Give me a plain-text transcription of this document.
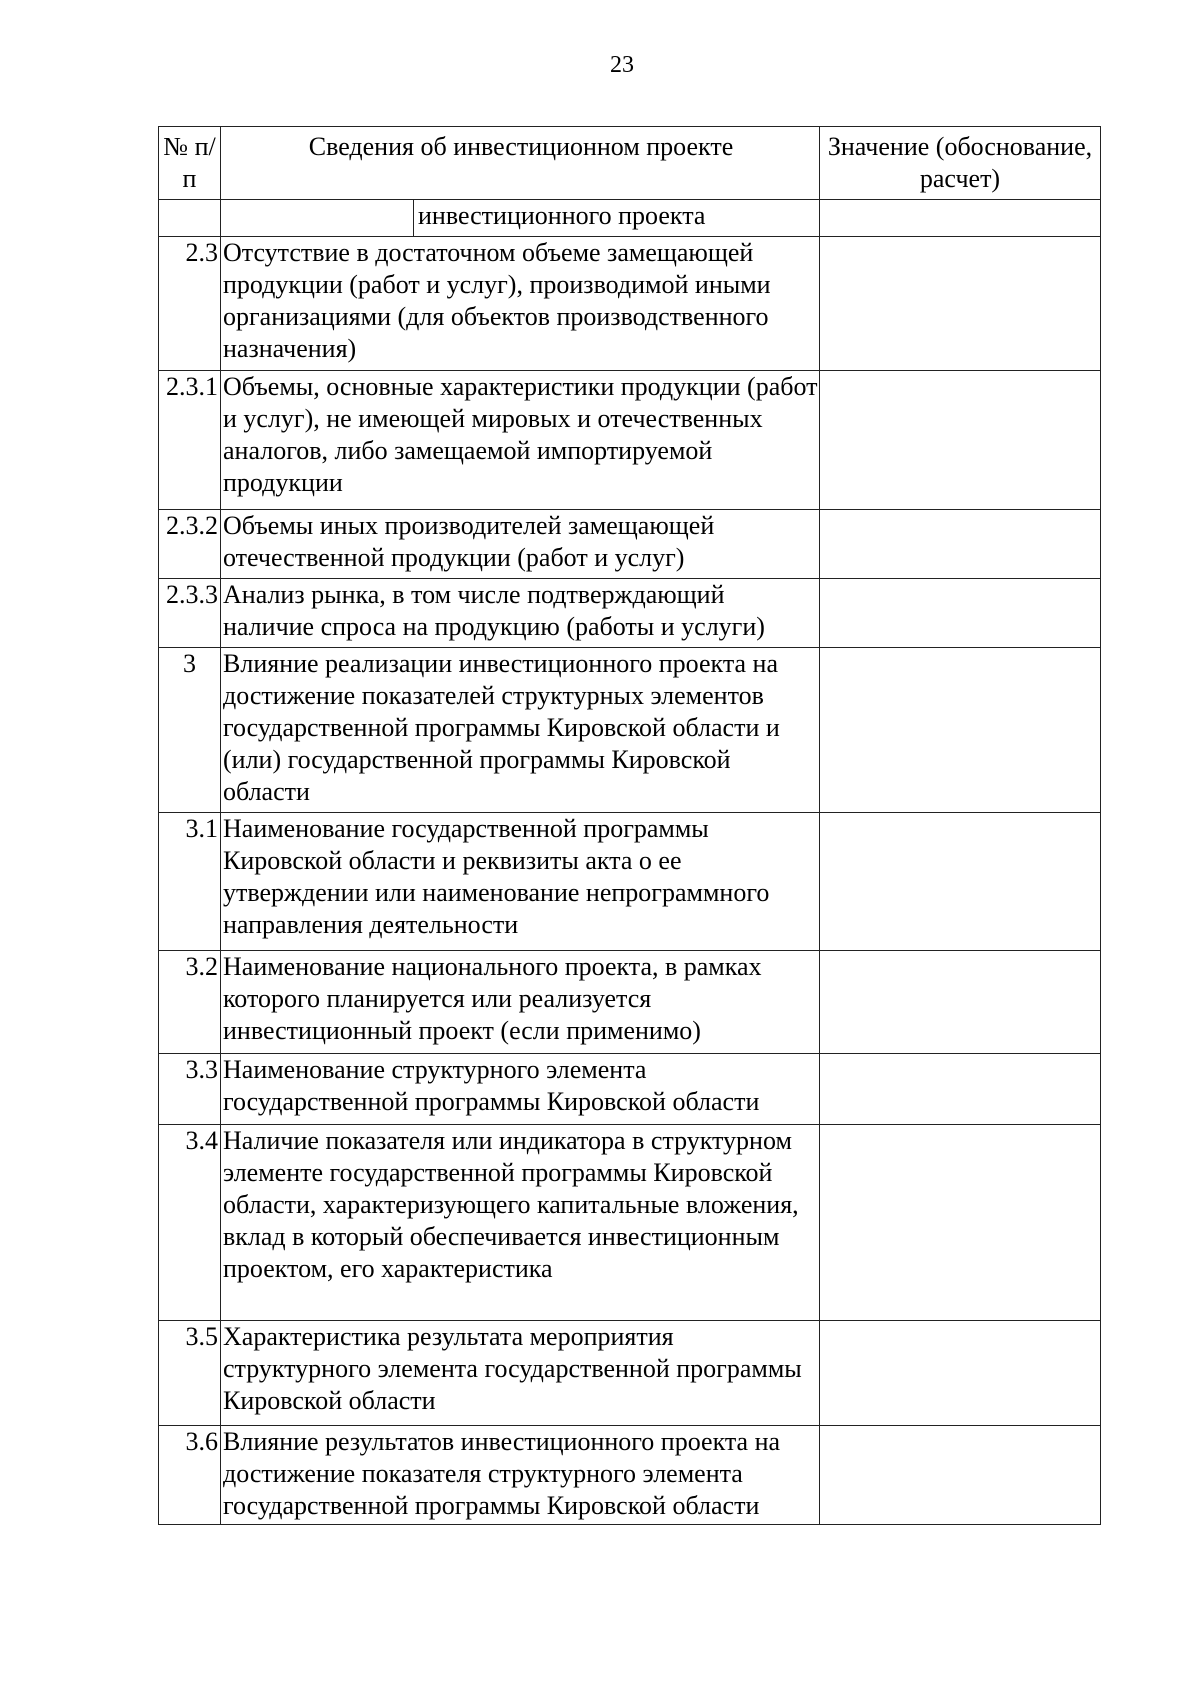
23
№ п/п	Сведения об инвестиционном проекте	Значение (обоснование, расчет)

	инвестиционного проекта	

2.3	Отсутствие в достаточном объеме замещающей продукции (работ и услуг), производимой иными организациями (для объектов производственного назначения)	
2.3.1	Объемы, основные характеристики продукции (работ и услуг), не имеющей мировых и отечественных аналогов, либо замещаемой импортируемой продукции	
2.3.2	Объемы иных производителей замещающей отечественной продукции (работ и услуг)	
2.3.3	Анализ рынка, в том числе подтверждающий наличие спроса на продукцию (работы и услуги)	
3	Влияние реализации инвестиционного проекта на достижение показателей структурных элементов государственной программы Кировской области и (или) государственной программы Кировской области	
3.1	Наименование государственной программы Кировской области и реквизиты акта о ее утверждении или наименование непрограммного направления деятельности	
3.2	Наименование национального проекта, в рамках которого планируется или реализуется инвестиционный проект (если применимо)	
3.3	Наименование структурного элемента государственной программы Кировской области	
3.4	Наличие показателя или индикатора в структурном элементе государственной программы Кировской области, характеризующего капитальные вложения, вклад в который обеспечивается инвестиционным проектом, его характеристика	
3.5	Характеристика результата мероприятия структурного элемента государственной программы Кировской области	
3.6	Влияние результатов инвестиционного проекта на достижение показателя структурного элемента государственной программы Кировской области	
